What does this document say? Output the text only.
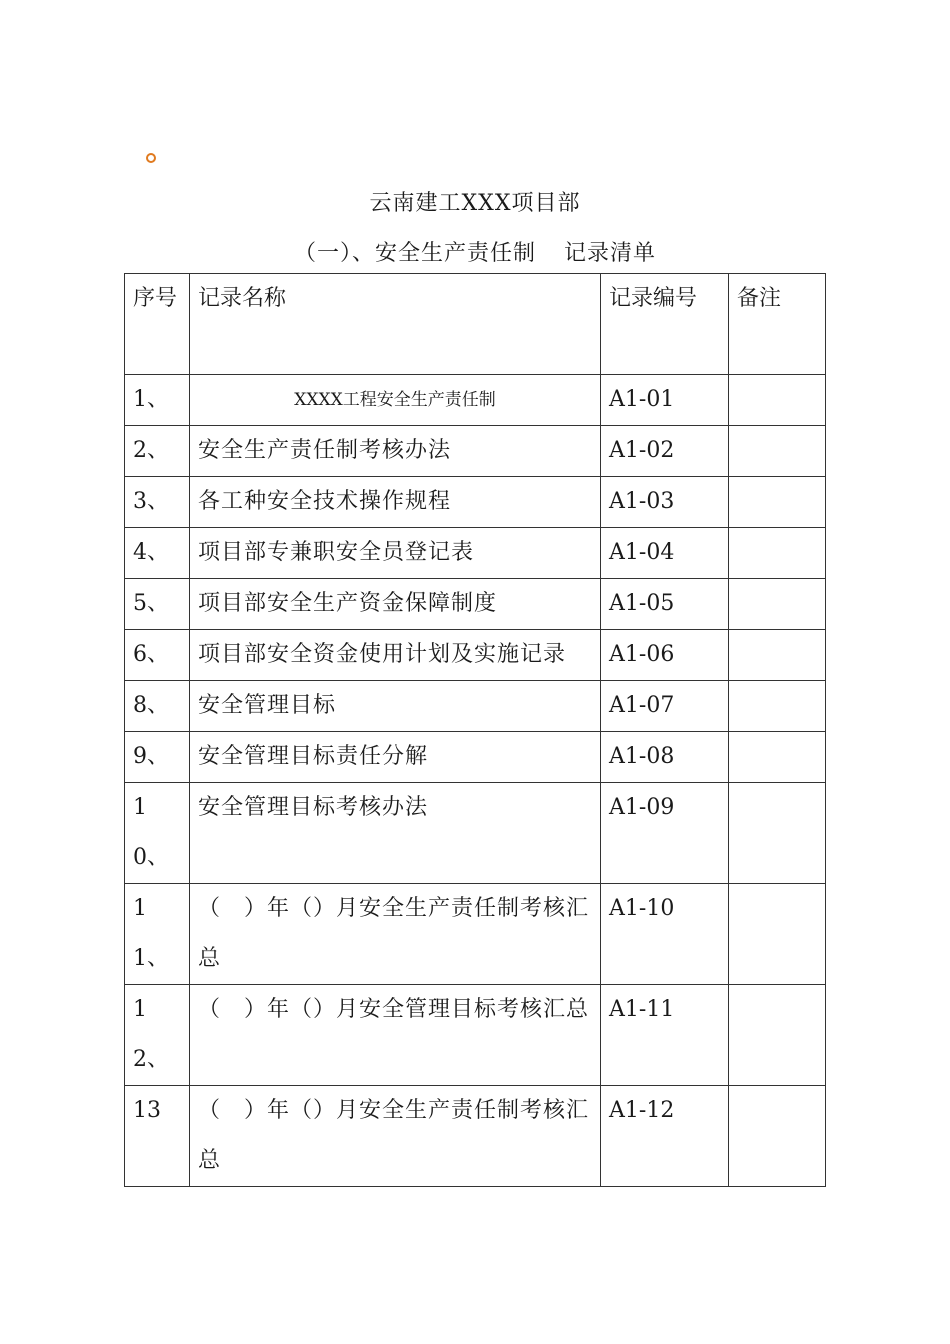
云南建工XXX项目部
（一）、安全生产责任制 记录清单
序号	记录名称	记录编号	备注
1、	XXXX工程安全生产责任制	A1-01	
2、	安全生产责任制考核办法	A1-02	
3、	各工种安全技术操作规程	A1-03	
4、	项目部专兼职安全员登记表	A1-04	
5、	项目部安全生产资金保障制度	A1-05	
6、	项目部安全资金使用计划及实施记录	A1-06	
8、	安全管理目标	A1-07	
9、	安全管理目标责任分解	A1-08	
10、	安全管理目标考核办法	A1-09	
11、	（　）年（）月安全生产责任制考核汇总	A1-10	
12、	（　）年（）月安全管理目标考核汇总	A1-11	
13	（　）年（）月安全生产责任制考核汇总	A1-12	
